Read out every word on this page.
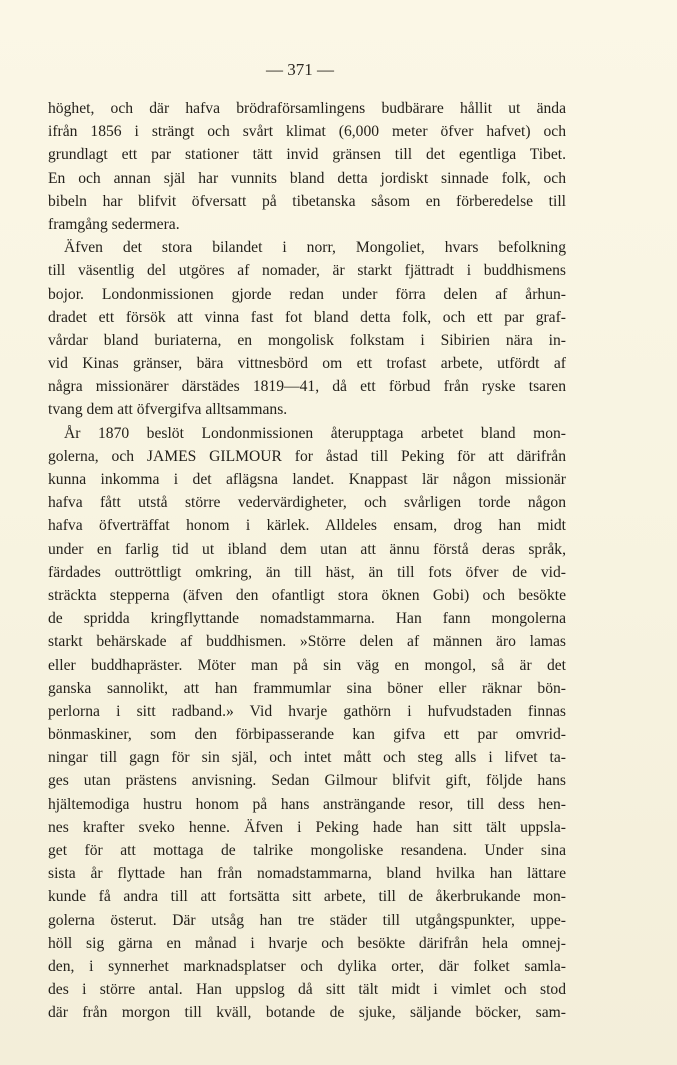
— 371 —
höghet, och där hafva brödraförsamlingens budbärare hållit ut ända
ifrån 1856 i strängt och svårt klimat (6,000 meter öfver hafvet) och
grundlagt ett par stationer tätt invid gränsen till det egentliga Tibet.
En och annan själ har vunnits bland detta jordiskt sinnade folk, och
bibeln har blifvit öfversatt på tibetanska såsom en förberedelse till
framgång sedermera.
Äfven det stora bilandet i norr, Mongoliet, hvars befolkning
till väsentlig del utgöres af nomader, är starkt fjättradt i buddhismens
bojor. Londonmissionen gjorde redan under förra delen af århun-
dradet ett försök att vinna fast fot bland detta folk, och ett par graf-
vårdar bland buriaterna, en mongolisk folkstam i Sibirien nära in-
vid Kinas gränser, bära vittnesbörd om ett trofast arbete, utfördt af
några missionärer därstädes 1819—41, då ett förbud från ryske tsaren
tvang dem att öfvergifva alltsammans.
År 1870 beslöt Londonmissionen återupptaga arbetet bland mon-
golerna, och JAMES GILMOUR for åstad till Peking för att därifrån
kunna inkomma i det aflägsna landet. Knappast lär någon missionär
hafva fått utstå större vedervärdigheter, och svårligen torde någon
hafva öfverträffat honom i kärlek. Alldeles ensam, drog han midt
under en farlig tid ut ibland dem utan att ännu förstå deras språk,
färdades outtröttligt omkring, än till häst, än till fots öfver de vid-
sträckta stepperna (äfven den ofantligt stora öknen Gobi) och besökte
de spridda kringflyttande nomadstammarna. Han fann mongolerna
starkt behärskade af buddhismen. »Större delen af männen äro lamas
eller buddhapräster. Möter man på sin väg en mongol, så är det
ganska sannolikt, att han frammumlar sina böner eller räknar bön-
perlorna i sitt radband.» Vid hvarje gathörn i hufvudstaden finnas
bönmaskiner, som den förbipasserande kan gifva ett par omvrid-
ningar till gagn för sin själ, och intet mått och steg alls i lifvet ta-
ges utan prästens anvisning. Sedan Gilmour blifvit gift, följde hans
hjältemodiga hustru honom på hans ansträngande resor, till dess hen-
nes krafter sveko henne. Äfven i Peking hade han sitt tält uppsla-
get för att mottaga de talrike mongoliske resandena. Under sina
sista år flyttade han från nomadstammarna, bland hvilka han lättare
kunde få andra till att fortsätta sitt arbete, till de åkerbrukande mon-
golerna österut. Där utsåg han tre städer till utgångspunkter, uppe-
höll sig gärna en månad i hvarje och besökte därifrån hela omnej-
den, i synnerhet marknadsplatser och dylika orter, där folket samla-
des i större antal. Han uppslog då sitt tält midt i vimlet och stod
där från morgon till kväll, botande de sjuke, säljande böcker, sam-
